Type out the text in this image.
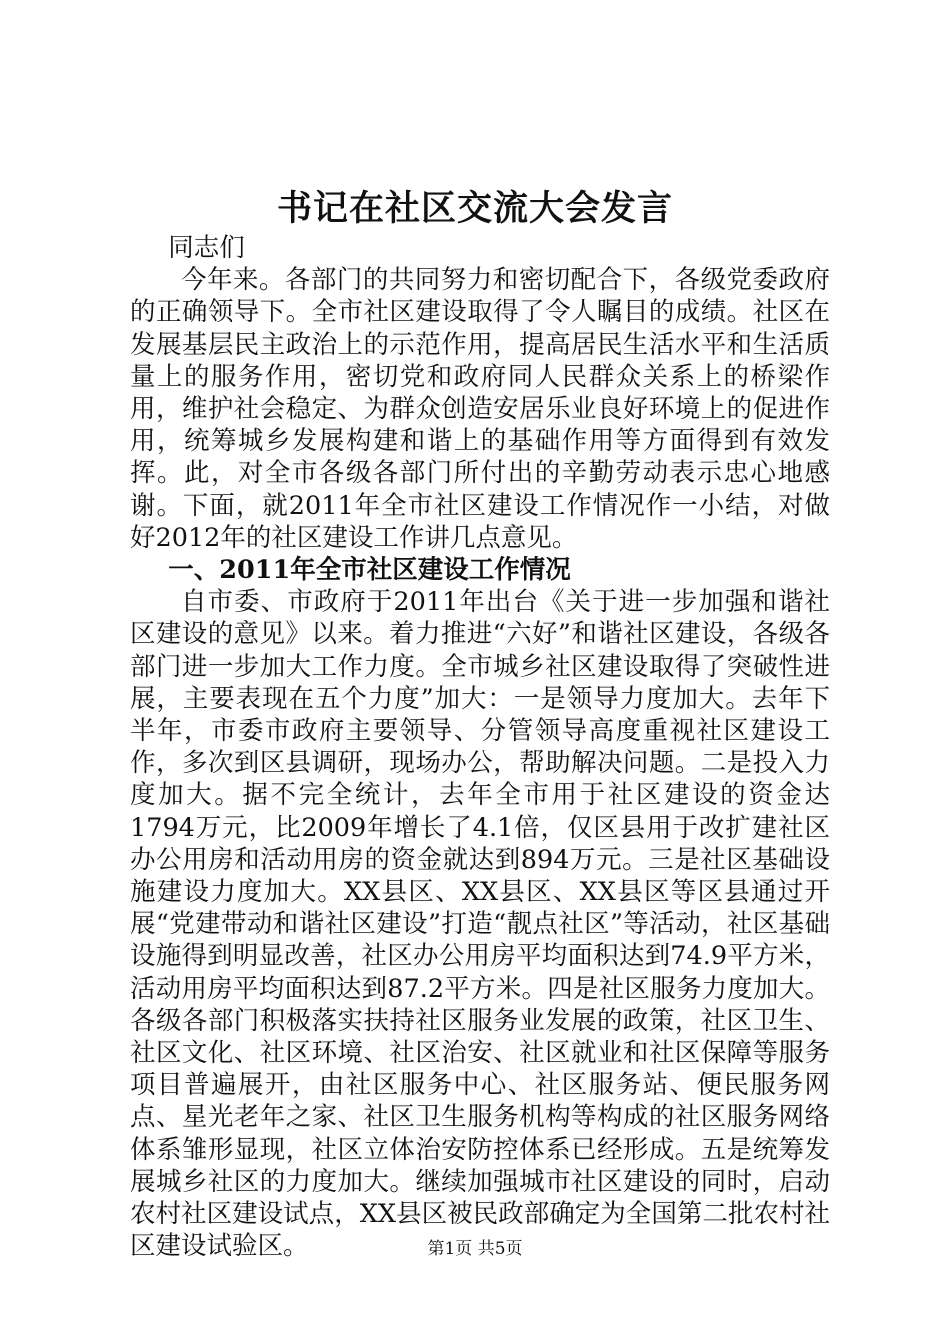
书记在社区交流大会发言

同志们

今年来。各部门的共同努力和密切配合下，各级党委政府的正确领导下。全市社区建设取得了令人瞩目的成绩。社区在发展基层民主政治上的示范作用，提高居民生活水平和生活质量上的服务作用，密切党和政府同人民群众关系上的桥梁作用，维护社会稳定、为群众创造安居乐业良好环境上的促进作用，统筹城乡发展构建和谐上的基础作用等方面得到有效发挥。此，对全市各级各部门所付出的辛勤劳动表示忠心地感谢。下面，就2011年全市社区建设工作情况作一小结，对做好2012年的社区建设工作讲几点意见。

一、2011年全市社区建设工作情况

自市委、市政府于2011年出台《关于进一步加强和谐社区建设的意见》以来。着力推进“六好”和谐社区建设，各级各部门进一步加大工作力度。全市城乡社区建设取得了突破性进展，主要表现在五个力度”加大：一是领导力度加大。去年下半年，市委市政府主要领导、分管领导高度重视社区建设工作，多次到区县调研，现场办公，帮助解决问题。二是投入力度加大。据不完全统计，去年全市用于社区建设的资金达1794万元，比2009年增长了4.1倍，仅区县用于改扩建社区办公用房和活动用房的资金就达到894万元。三是社区基础设施建设力度加大。XX县区、XX县区、XX县区等区县通过开展“党建带动和谐社区建设”打造“靓点社区”等活动，社区基础设施得到明显改善，社区办公用房平均面积达到74.9平方米，活动用房平均面积达到87.2平方米。四是社区服务力度加大。各级各部门积极落实扶持社区服务业发展的政策，社区卫生、社区文化、社区环境、社区治安、社区就业和社区保障等服务项目普遍展开，由社区服务中心、社区服务站、便民服务网点、星光老年之家、社区卫生服务机构等构成的社区服务网络体系雏形显现，社区立体治安防控体系已经形成。五是统筹发展城乡社区的力度加大。继续加强城市社区建设的同时，启动农村社区建设试点，XX县区被民政部确定为全国第二批农村社区建设试验区。	第1页 共5页
